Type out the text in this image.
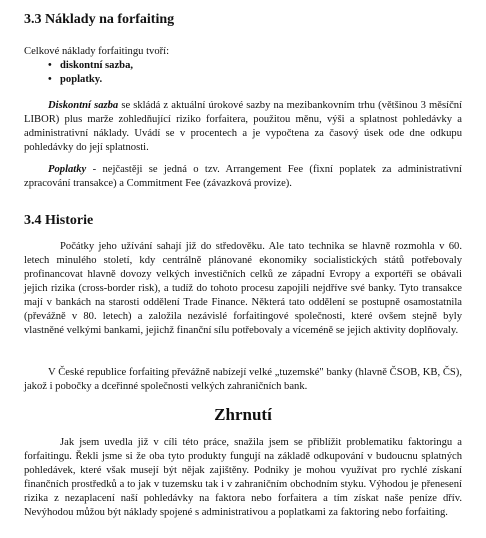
3.3 Náklady na forfaiting

Celkové náklady forfaitingu tvoří:

• diskontní sazba,
• poplatky.

Diskontní sazba se skládá z aktuální úrokové sazby na mezibankovním trhu (většinou 3 měsíční LIBOR) plus marže zohledňující riziko forfaitera, použitou měnu, výši a splatnost pohledávky a administrativní náklady. Uvádí se v procentech a je vypočtena za časový úsek ode dne odkupu pohledávky do její splatnosti.

Poplatky - nejčastěji se jedná o tzv. Arrangement Fee (fixní poplatek za administrativní zpracování transakce) a Commitment Fee (závazková provize).

3.4 Historie

Počátky jeho užívání sahají již do středověku. Ale tato technika se hlavně rozmohla v 60. letech minulého století, kdy centrálně plánované ekonomiky socialistických států potřebovaly profinancovat hlavně dovozy velkých investičních celků ze západní Evropy a exportéři se obávali jejich rizika (cross-border risk), a tudíž do tohoto procesu zapojili nejdříve své banky. Tyto transakce mají v bankách na starosti oddělení Trade Finance. Některá tato oddělení se postupně osamostatnila (převážně v 80. letech) a založila nezávislé forfaitingové společnosti, které ovšem stejně byly vlastněné velkými bankami, jejichž finanční sílu potřebovaly a víceméně se jejich aktivity doplňovaly.

V České republice forfaiting převážně nabízejí velké „tuzemské" banky (hlavně ČSOB, KB, ČS), jakož i pobočky a dceřinné společnosti velkých zahraničních bank.

Zhrnutí

Jak jsem uvedla již v cíli této práce, snažila jsem se přiblížit problematiku faktoringu a forfaitingu. Řekli jsme si že oba tyto produkty fungují na základě odkupování v budoucnu splatných pohledávek, které však musejí být nějak zajištěny. Podniky je mohou využívat pro rychlé získaní finančních prostředků a to jak v tuzemsku tak i v zahraničním obchodním styku. Výhodou je přenesení rizika z nezaplacení naší pohledávky na faktora nebo forfaitera a tím získat naše peníze dřív. Nevýhodou můžou být náklady spojené s administrativou a poplatkami za faktoring nebo forfaiting.
